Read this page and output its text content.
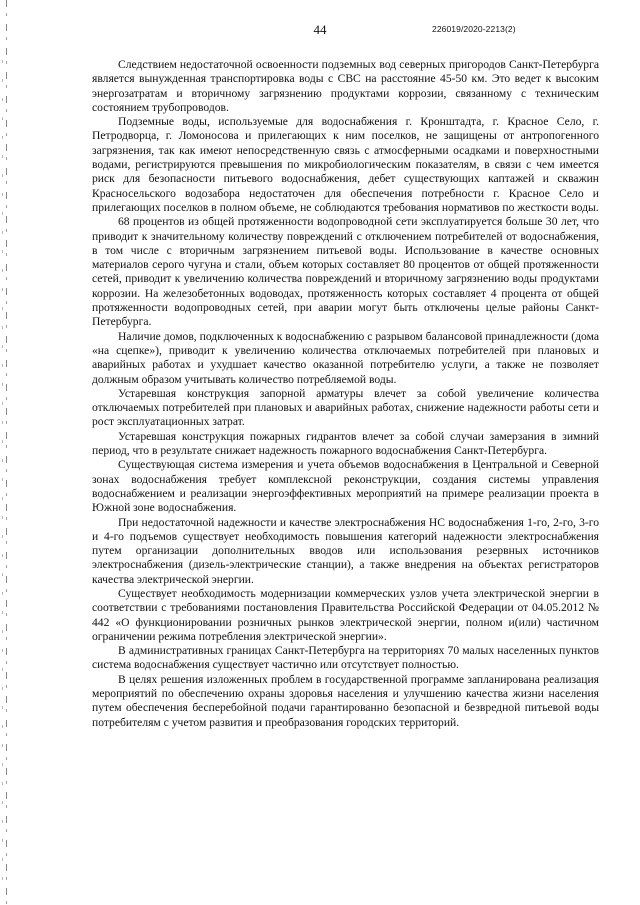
44	226019/2020-2213(2)

Следствием недостаточной освоенности подземных вод северных пригородов Санкт-Петербурга является вынужденная транспортировка воды с СВС на расстояние 45-50 км. Это ведет к высоким энергозатратам и вторичному загрязнению продуктами коррозии, связанному с техническим состоянием трубопроводов.

Подземные воды, используемые для водоснабжения г. Кронштадта, г. Красное Село, г. Петродворца, г. Ломоносова и прилегающих к ним поселков, не защищены от антропогенного загрязнения, так как имеют непосредственную связь с атмосферными осадками и поверхностными водами, регистрируются превышения по микробиологическим показателям, в связи с чем имеется риск для безопасности питьевого водоснабжения, дебет существующих каптажей и скважин Красносельского водозабора недостаточен для обеспечения потребности г. Красное Село и прилегающих поселков в полном объеме, не соблюдаются требования нормативов по жесткости воды.

68 процентов из общей протяженности водопроводной сети эксплуатируется больше 30 лет, что приводит к значительному количеству повреждений с отключением потребителей от водоснабжения, в том числе с вторичным загрязнением питьевой воды. Использование в качестве основных материалов серого чугуна и стали, объем которых составляет 80 процентов от общей протяженности сетей, приводит к увеличению количества повреждений и вторичному загрязнению воды продуктами коррозии. На железобетонных водоводах, протяженность которых составляет 4 процента от общей протяженности водопроводных сетей, при аварии могут быть отключены целые районы Санкт-Петербурга.

Наличие домов, подключенных к водоснабжению с разрывом балансовой принадлежности (дома «на сцепке»), приводит к увеличению количества отключаемых потребителей при плановых и аварийных работах и ухудшает качество оказанной потребителю услуги, а также не позволяет должным образом учитывать количество потребляемой воды.

Устаревшая конструкция запорной арматуры влечет за собой увеличение количества отключаемых потребителей при плановых и аварийных работах, снижение надежности работы сети и рост эксплуатационных затрат.

Устаревшая конструкция пожарных гидрантов влечет за собой случаи замерзания в зимний период, что в результате снижает надежность пожарного водоснабжения Санкт-Петербурга.

Существующая система измерения и учета объемов водоснабжения в Центральной и Северной зонах водоснабжения требует комплексной реконструкции, создания системы управления водоснабжением и реализации энергоэффективных мероприятий на примере реализации проекта в Южной зоне водоснабжения.

При недостаточной надежности и качестве электроснабжения НС водоснабжения 1-го, 2-го, 3-го и 4-го подъемов существует необходимость повышения категорий надежности электроснабжения путем организации дополнительных вводов или использования резервных источников электроснабжения (дизель-электрические станции), а также внедрения на объектах регистраторов качества электрической энергии.

Существует необходимость модернизации коммерческих узлов учета электрической энергии в соответствии с требованиями постановления Правительства Российской Федерации от 04.05.2012 № 442 «О функционировании розничных рынков электрической энергии, полном и(или) частичном ограничении режима потребления электрической энергии».

В административных границах Санкт-Петербурга на территориях 70 малых населенных пунктов система водоснабжения существует частично или отсутствует полностью.

В целях решения изложенных проблем в государственной программе запланирована реализация мероприятий по обеспечению охраны здоровья населения и улучшению качества жизни населения путем обеспечения бесперебойной подачи гарантированно безопасной и безвредной питьевой воды потребителям с учетом развития и преобразования городских территорий.
